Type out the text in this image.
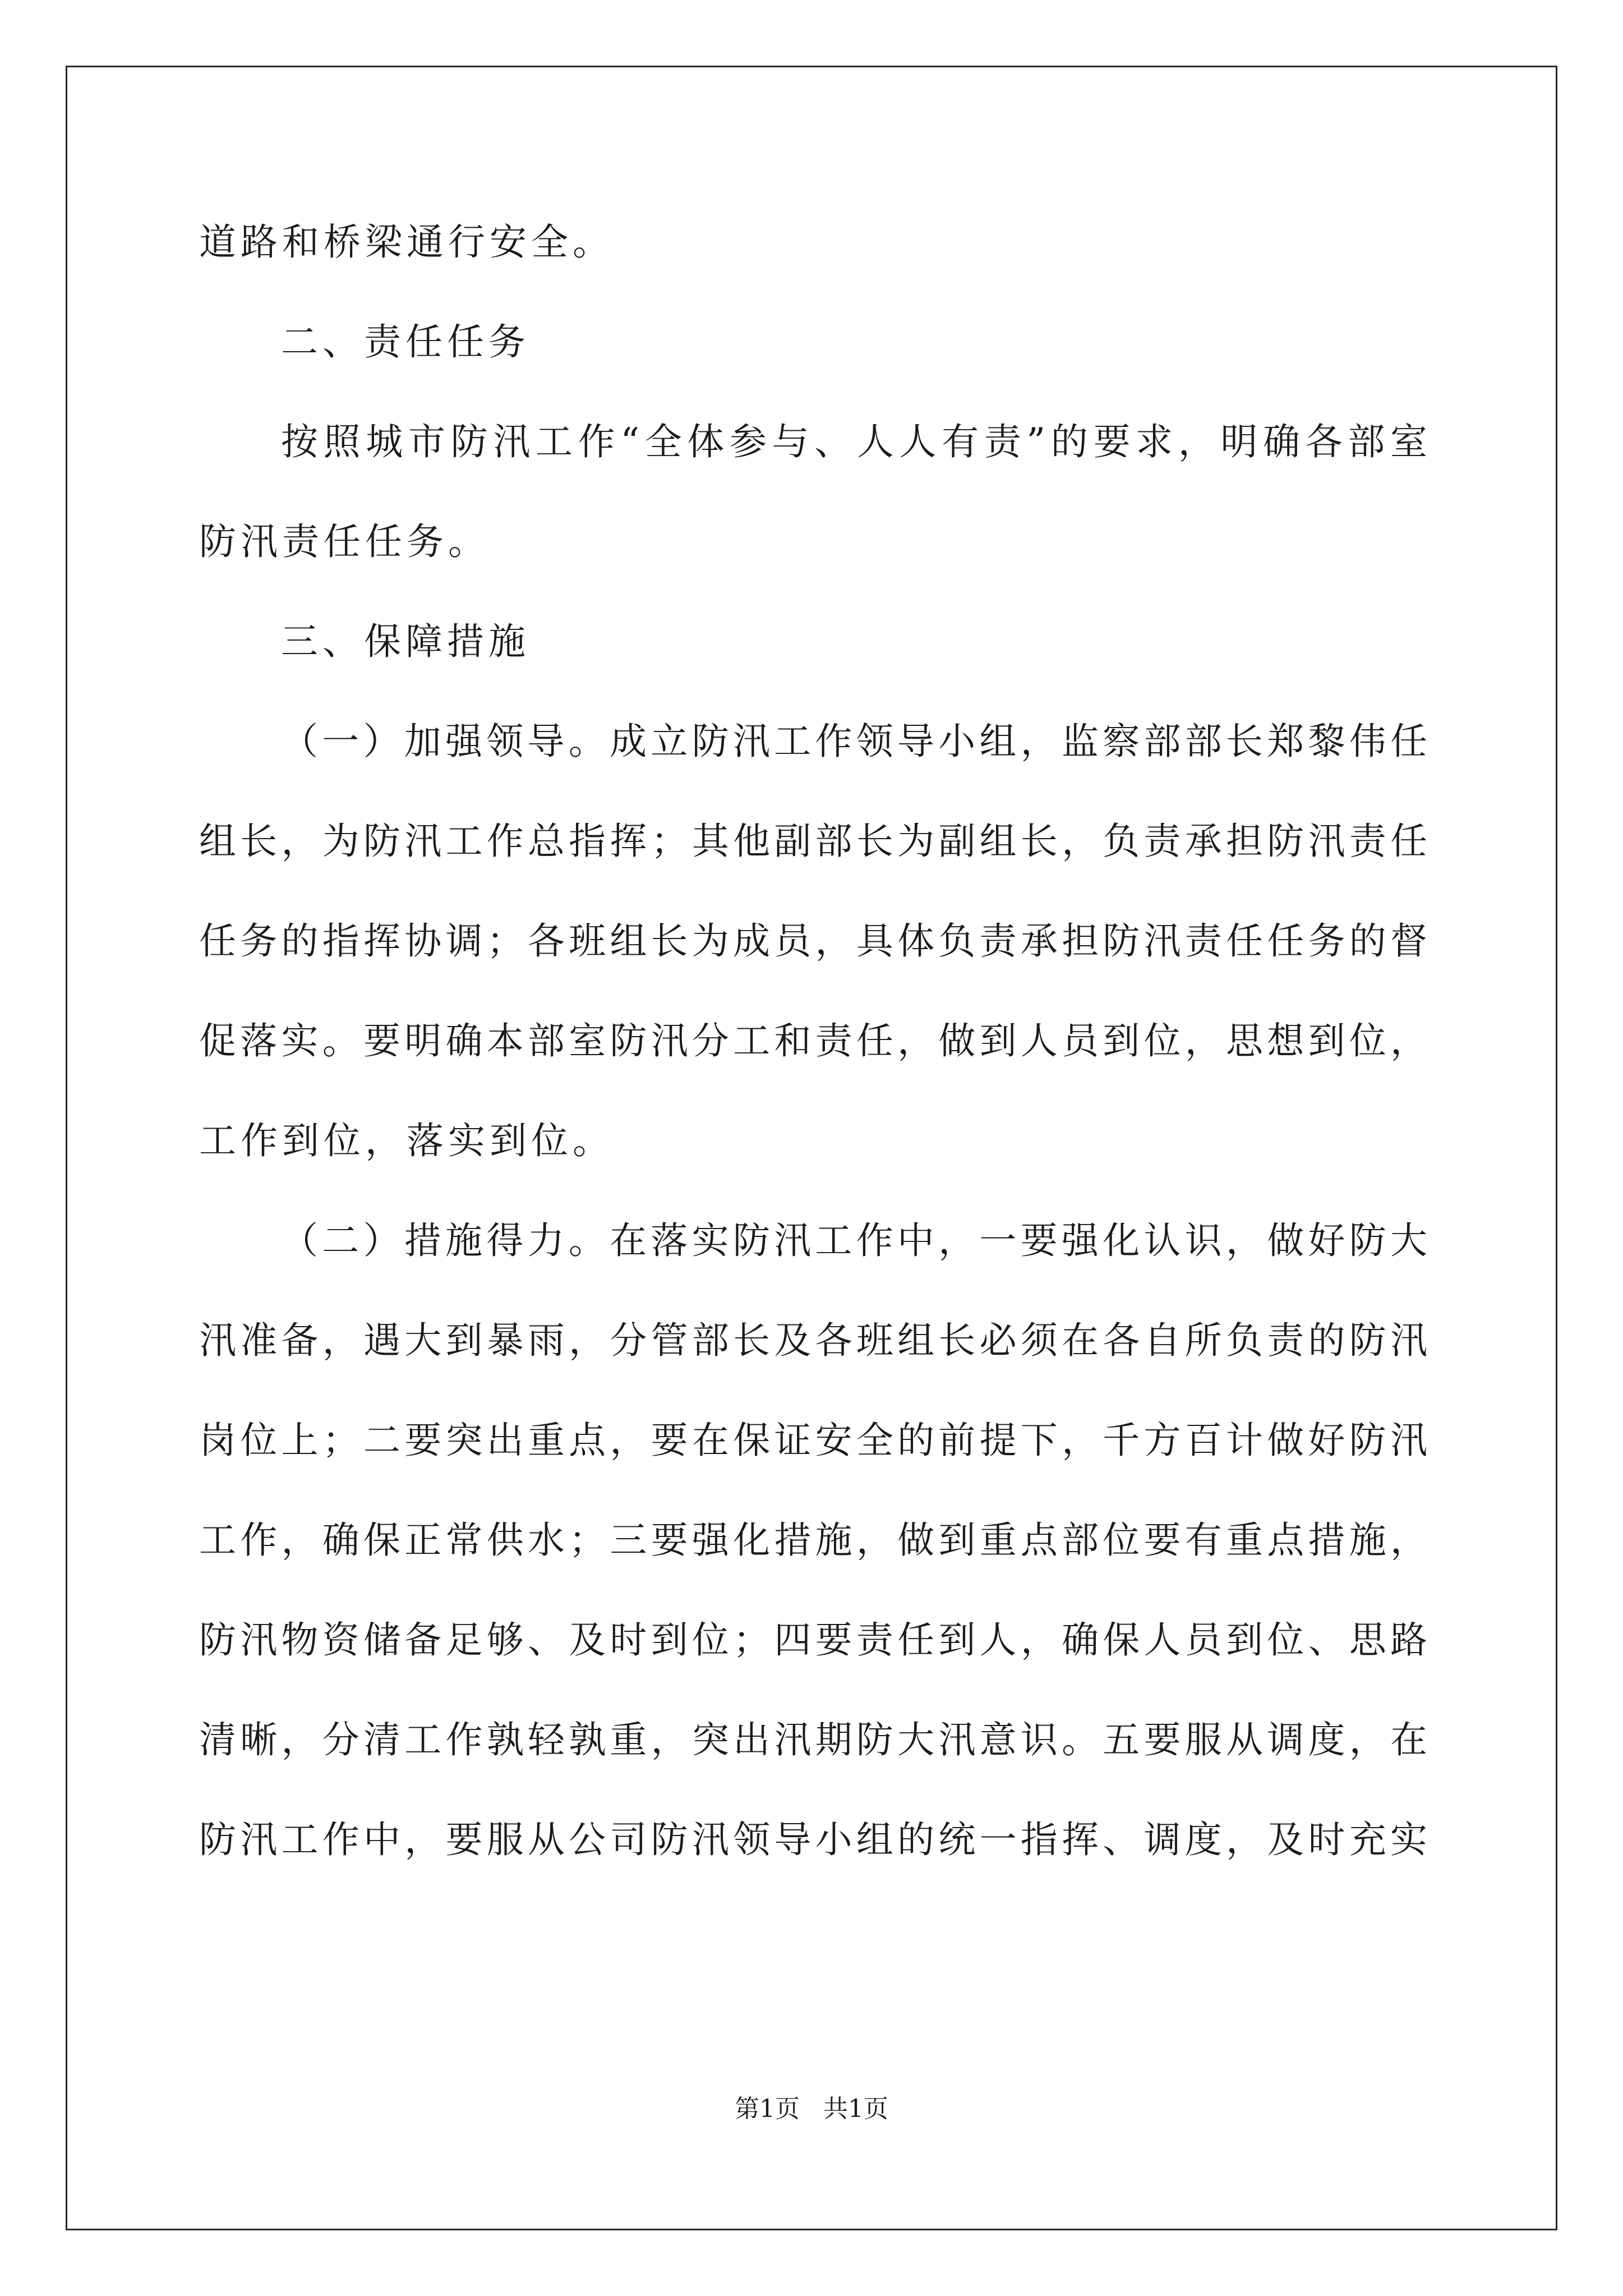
道路和桥梁通行安全。

二、责任任务

按照城市防汛工作“全体参与、人人有责”的要求，明确各部室

防汛责任任务。

三、保障措施

（一）加强领导。成立防汛工作领导小组，监察部部长郑黎伟任

组长，为防汛工作总指挥；其他副部长为副组长，负责承担防汛责任

任务的指挥协调；各班组长为成员，具体负责承担防汛责任任务的督

促落实。要明确本部室防汛分工和责任，做到人员到位，思想到位，

工作到位，落实到位。

（二）措施得力。在落实防汛工作中，一要强化认识，做好防大

汛准备，遇大到暴雨，分管部长及各班组长必须在各自所负责的防汛

岗位上；二要突出重点，要在保证安全的前提下，千方百计做好防汛

工作，确保正常供水；三要强化措施，做到重点部位要有重点措施，

防汛物资储备足够、及时到位；四要责任到人，确保人员到位、思路

清晰，分清工作孰轻孰重，突出汛期防大汛意识。五要服从调度，在

防汛工作中，要服从公司防汛领导小组的统一指挥、调度，及时充实

第1页   共1页
